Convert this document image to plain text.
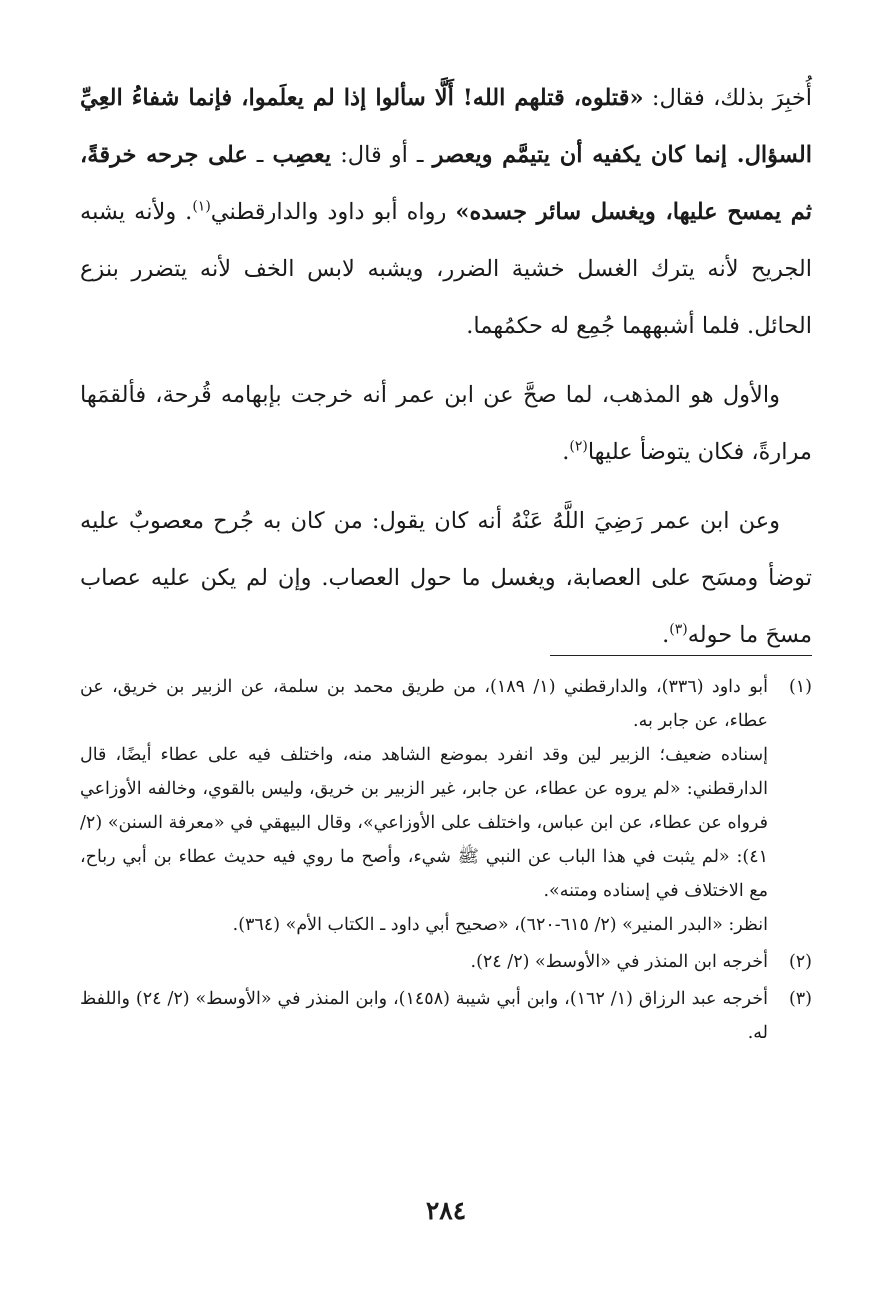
أُخبِرَ بذلك، فقال: «قتلوه، قتلهم الله! أَلَّا سألوا إذا لم يعلَموا، فإنما شفاءُ العِيِّ السؤال. إنما كان يكفيه أن يتيمَّم ويعصر ـ أو قال: يعصِب ـ على جرحه خرقةً، ثم يمسح عليها، ويغسل سائر جسده» رواه أبو داود والدارقطني$^{(١)}$. ولأنه يشبه الجريح لأنه يترك الغسل خشية الضرر، ويشبه لابس الخف لأنه يتضرر بنزع الحائل. فلما أشبههما جُمِع له حكمُهما.

والأول هو المذهب، لما صحَّ عن ابن عمر أنه خرجت بإبهامه قُرحة، فألقمَها مرارةً، فكان يتوضأ عليها$^{(٢)}$.

وعن ابن عمر رَضِيَ اللَّهُ عَنْهُ أنه كان يقول: من كان به جُرح معصوبٌ عليه توضأ ومسَح على العصابة، ويغسل ما حول العصاب. وإن لم يكن عليه عصاب مسحَ ما حوله$^{(٣)}$.

(١)

أبو داود (٣٣٦)، والدارقطني (١/ ١٨٩)، من طريق محمد بن سلمة، عن الزبير بن خريق، عن عطاء، عن جابر به.

إسناده ضعيف؛ الزبير لين وقد انفرد بموضع الشاهد منه، واختلف فيه على عطاء أيضًا، قال الدارقطني: «لم يروه عن عطاء، عن جابر، غير الزبير بن خريق، وليس بالقوي، وخالفه الأوزاعي فرواه عن عطاء، عن ابن عباس، واختلف على الأوزاعي»، وقال البيهقي في «معرفة السنن» (٢/ ٤١): «لم يثبت في هذا الباب عن النبي ﷺ شيء، وأصح ما روي فيه حديث عطاء بن أبي رباح، مع الاختلاف في إسناده ومتنه».

انظر: «البدر المنير» (٢/ ٦١٥-٦٢٠)، «صحيح أبي داود ـ الكتاب الأم» (٣٦٤).

(٢)

أخرجه ابن المنذر في «الأوسط» (٢/ ٢٤).

(٣)

أخرجه عبد الرزاق (١/ ١٦٢)، وابن أبي شيبة (١٤٥٨)، وابن المنذر في «الأوسط» (٢/ ٢٤) واللفظ له.

٢٨٤
